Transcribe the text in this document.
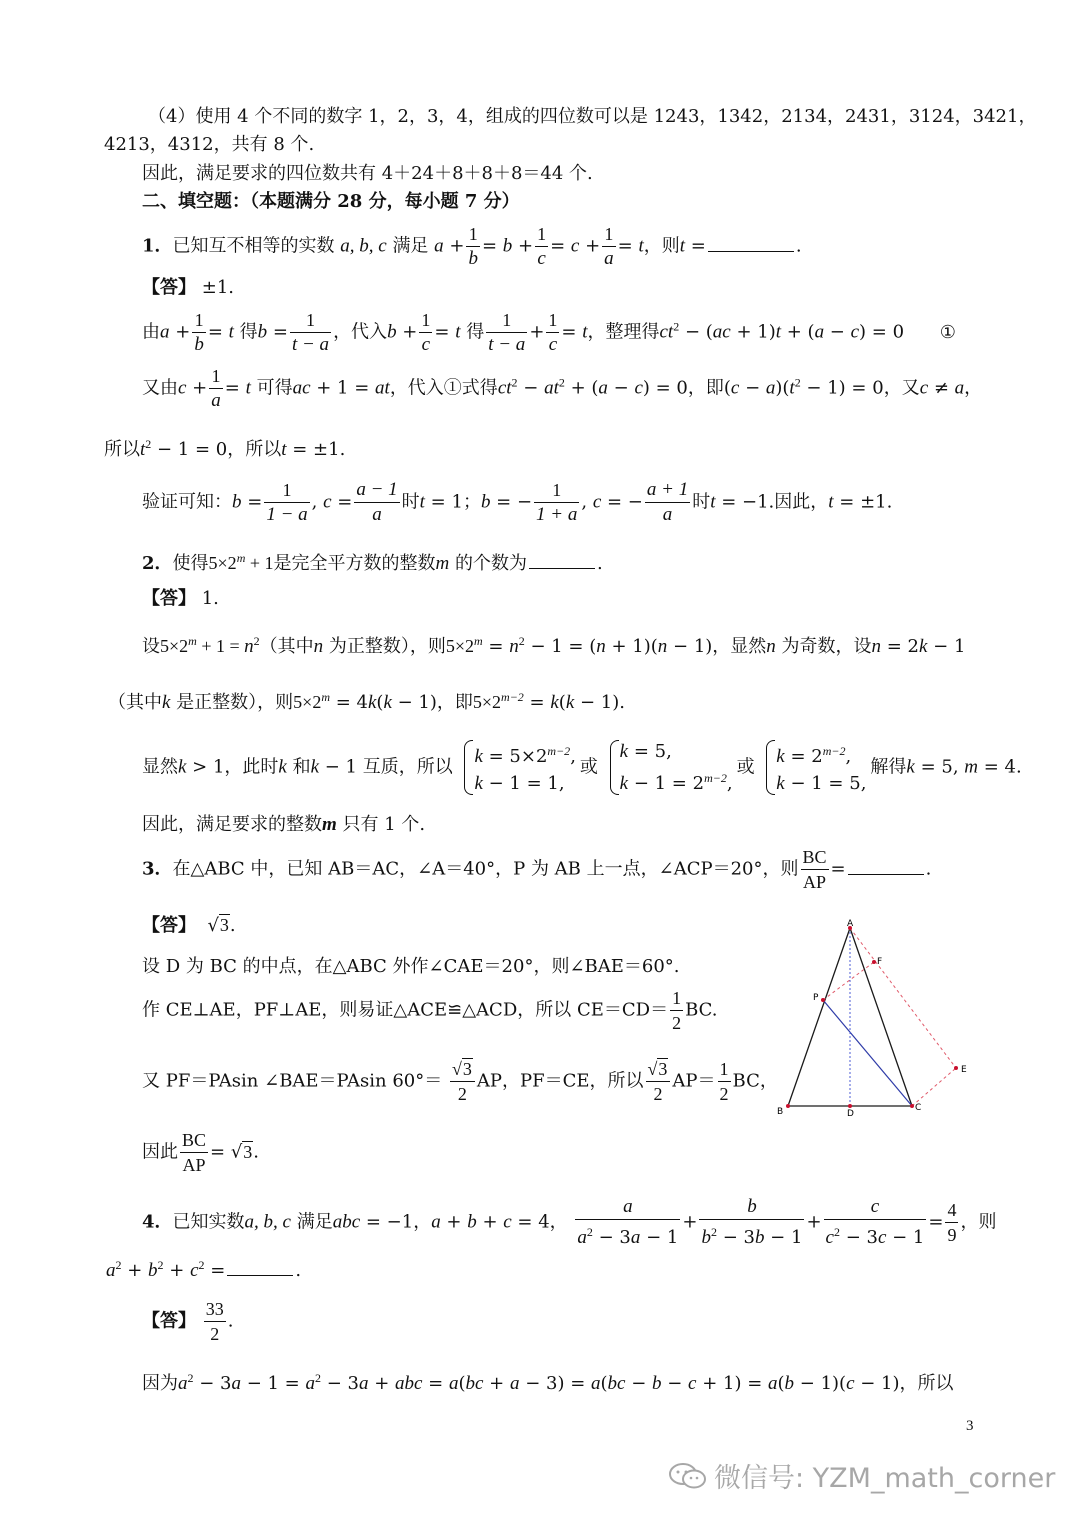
（4）使用 4 个不同的数字 1，2，3，4，组成的四位数可以是 1243，1342，2134，2431，3124，3421，
4213，4312，共有 8 个.
因此，满足要求的四位数共有 4＋24＋8＋8＋8＝44 个.
二、填空题：（本题满分 28 分，每小题 7 分）
1．已知互不相等的实数 a, b, c 满足 $a + \frac{1}{b} = b + \frac{1}{c} = c + \frac{1}{a} = t$，则t =	.
【答】 ±1.
由$a + \frac{1}{b} = t$ 得$b = \frac{1}{t - a}$ ，代入$b + \frac{1}{c} = t$ 得 $\frac{1}{t - a} + \frac{1}{c} = t$，整理得$ct^2 - (ac + 1)t + (a - c) = 0$ ①
又由$c + \frac{1}{a} = t$ 可得ac + 1 = at，代入①式得$ct^2 - at^2 + (a - c) = 0$，即$(c - a)(t^2 - 1) = 0$，又c ≠ a，
所以$t^2 - 1 = 0$，所以t = ±1.
验证可知：$b = \frac{1}{1 - a}$ , $c = \frac{a - 1}{a}$ 时t = 1；b = − $\frac{1}{1 + a}$ , c = − $\frac{a + 1}{a}$ 时t = −1.因此，t = ±1.
2．使得$5\times 2^m + 1$是完全平方数的整数m 的个数为	.
【答】 1.
设$5\times 2^m + 1 = n^2$（其中n 为正整数），则$5\times 2^m = n^2 - 1 = (n + 1)(n - 1)$，显然n 为奇数，设n = 2k − 1
（其中k 是正整数），则$5\times 2^m = 4k(k - 1)$，即$5\times 2^{m-2} = k(k - 1)$.
显然k > 1，此时k 和k − 1 互质，所以 $k = 5\times 2^{m-2}$,
k − 1 = 1,
或
k = 5,
$k - 1 = 2^{m-2}$,
或 $k = 2^{m-2}$,
k − 1 = 5,
解得k = 5, m = 4.
因此，满足要求的整数m 只有 1 个.
3．在△ABC 中，已知 AB＝AC，∠A＝40°，P 为 AB 上一点，∠ACP＝20°，则 $\frac{BC}{AP}$ =	.
【答】  √3.
设 D 为 BC 的中点，在△ABC 外作∠CAE＝20°，则∠BAE＝60°.
作 CE⊥AE，PF⊥AE，则易证△ACE≌△ACD，所以 $CE=CD= \frac{1}{2}$ BC.
又 PF＝PAsin ∠BAE＝PAsin $60^\circ= \frac{√3}{2}$ AP，PF＝CE，所以 $\frac{√3}{2} AP= \frac{1}{2}$ BC，
因此 $\frac{BC}{AP} = √3$.
A
F
P
E
B	D
C
4．已知实数a, b, c 满足abc = −1，a + b + c = 4， $\frac{a}{a^2 - 3a - 1} + \frac{b}{b^2 - 3b - 1} + \frac{c}{c^2 - 3c - 1} = \frac{4}{9}$ ，则
$a^2 + b^2 + c^2$ =	.
【答】 $\frac{33}{2}$ .
因为$a^2 - 3a - 1 = a^2 - 3a$ + abc = a(bc + a − 3) = a(bc − b − c + 1) = a(b − 1)(c − 1)，所以
3
微信号: YZM_math_corner
